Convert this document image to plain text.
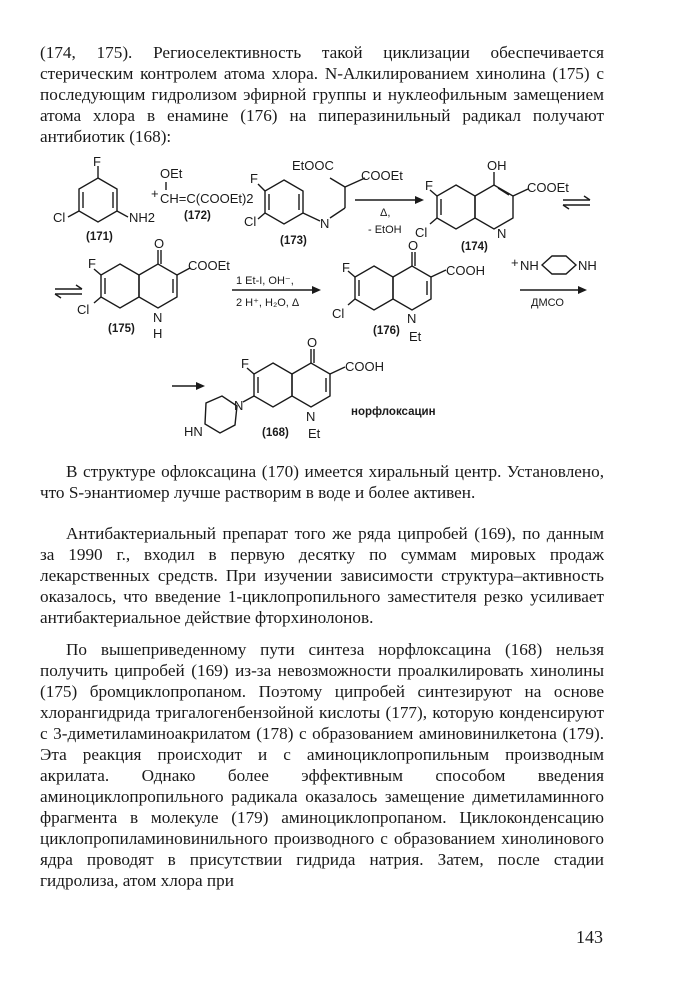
(174, 175). Региоселективность такой циклизации обеспечивается стерическим контролем атома хлора. N-Алкилированием хинолина (175) с последующим гидролизом эфирной группы и нуклеофильным замещением атома хлора в енамине (176) на пиперазинильный радикал получают антибиотик (168):

F
Cl	NH2
(171)
+
OEt
CH=C(COOEt)2
(172)
F
Cl	N
EtOOC
COOEt
(173)
Δ,
- EtOH
OH
COOEt
F
Cl	N
(174)
O
COOEt
F
Cl
N
H
(175)
1 Et-I, OH⁻,
2 H⁺, H₂O, Δ
O
COOH
F
Cl	N
Et
(176)
+ NH	NH
ДМСО
O
COOH
F
N
N
Et
HN	(168)
норфлоксацин

В структуре офлоксацина (170) имеется хиральный центр. Установлено, что S-энантиомер лучше растворим в воде и более активен.

Антибактериальный препарат того же ряда ципробей (169), по данным за 1990 г., входил в первую десятку по суммам мировых продаж лекарственных средств. При изучении зависимости структура–активность оказалось, что введение 1-циклопропильного заместителя резко усиливает антибактериальное действие фторхинолонов.

По вышеприведенному пути синтеза норфлоксацина (168) нельзя получить ципробей (169) из-за невозможности проалкилировать хинолины (175) бромциклопропаном. Поэтому ципробей синтезируют на основе хлорангидрида тригалогенбензойной кислоты (177), которую конденсируют с 3-диметиламиноакрилатом (178) с образованием аминовинилкетона (179). Эта реакция происходит и с аминоциклопропильным производным акрилата. Однако более эффективным способом введения аминоциклопропильного радикала оказалось замещение диметиламинного фрагмента в молекуле (179) аминоциклопропаном. Циклоконденсацию циклопропиламиновинильного производного с образованием хинолинового ядра проводят в присутствии гидрида натрия. Затем, после стадии гидролиза, атом хлора при

143
